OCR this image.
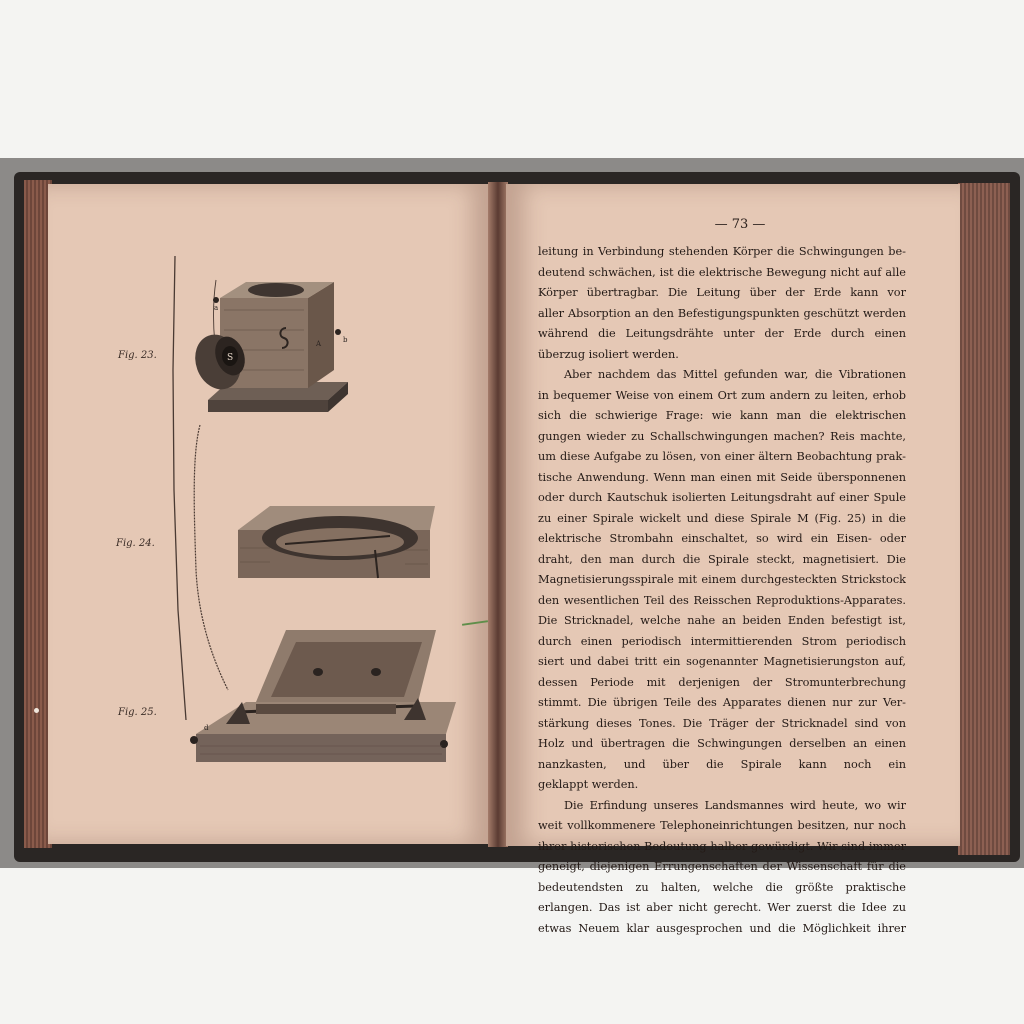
Fig. 23.
Fig. 24.
Fig. 25.
S
a
b
A
d
— 73 —
leitung in Verbindung stehenden Körper die Schwingungen be-
deutend schwächen, ist die elektrische Bewegung nicht auf alle
Körper übertragbar. Die Leitung über der Erde kann vor
aller Absorption an den Befestigungspunkten geschützt werden
während die Leitungsdrähte unter der Erde durch einen
überzug isoliert werden.
Aber nachdem das Mittel gefunden war, die Vibrationen
in bequemer Weise von einem Ort zum andern zu leiten, erhob
sich die schwierige Frage: wie kann man die elektrischen
gungen wieder zu Schallschwingungen machen? Reis machte,
um diese Aufgabe zu lösen, von einer ältern Beobachtung prak-
tische Anwendung. Wenn man einen mit Seide übersponnenen
oder durch Kautschuk isolierten Leitungsdraht auf einer Spule
zu einer Spirale wickelt und diese Spirale M (Fig. 25) in die
elektrische Strombahn einschaltet, so wird ein Eisen- oder
draht, den man durch die Spirale steckt, magnetisiert. Die
Magnetisierungsspirale mit einem durchgesteckten Strickstock
den wesentlichen Teil des Reisschen Reproduktions-Apparates.
Die Stricknadel, welche nahe an beiden Enden befestigt ist,
durch einen periodisch intermittierenden Strom periodisch
siert und dabei tritt ein sogenannter Magnetisierungston auf,
dessen Periode mit derjenigen der Stromunterbrechung
stimmt. Die übrigen Teile des Apparates dienen nur zur Ver-
stärkung dieses Tones. Die Träger der Stricknadel sind von
Holz und übertragen die Schwingungen derselben an einen
nanzkasten, und über die Spirale kann noch ein
geklappt werden.
Die Erfindung unseres Landsmannes wird heute, wo wir
weit vollkommenere Telephoneinrichtungen besitzen, nur noch
ihrer historischen Bedeutung halber gewürdigt. Wir sind immer
geneigt, diejenigen Errungenschaften der Wissenschaft für die
bedeutendsten zu halten, welche die größte praktische
erlangen. Das ist aber nicht gerecht. Wer zuerst die Idee zu
etwas Neuem klar ausgesprochen und die Möglichkeit ihrer
